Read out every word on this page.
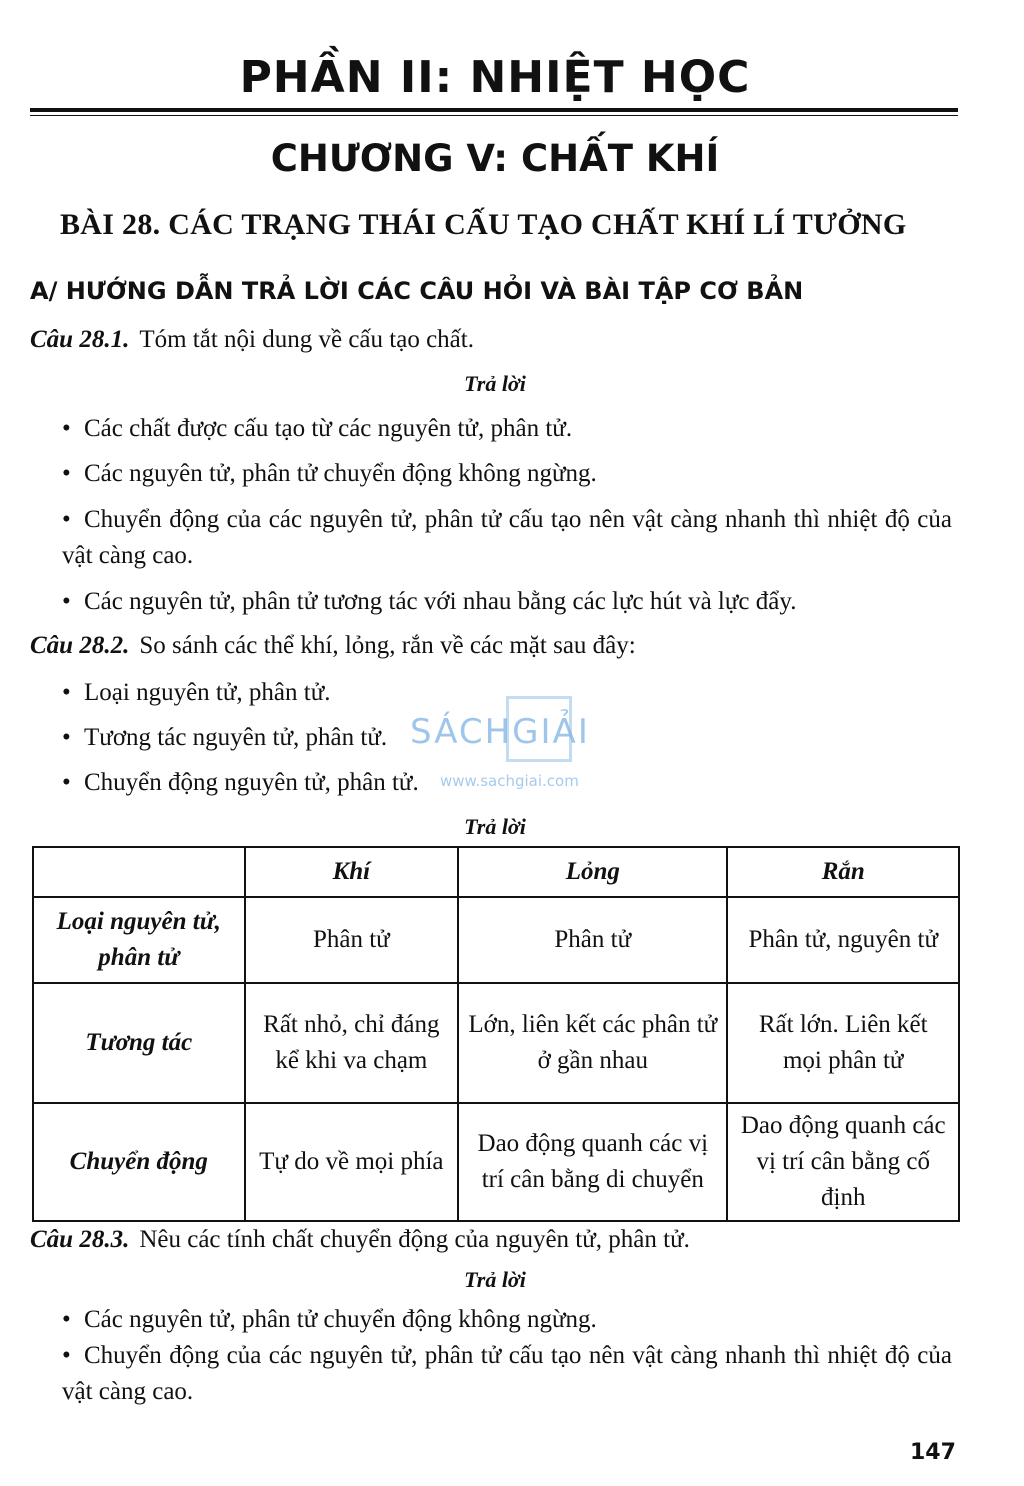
PHẦN II: NHIỆT HỌC
CHƯƠNG V: CHẤT KHÍ
BÀI 28. CÁC TRẠNG THÁI CẤU TẠO CHẤT KHÍ LÍ TƯỞNG
A/ HƯỚNG DẪN TRẢ LỜI CÁC CÂU HỎI VÀ BÀI TẬP CƠ BẢN
Câu 28.1. Tóm tắt nội dung về cấu tạo chất.
Trả lời
• Các chất được cấu tạo từ các nguyên tử, phân tử.
• Các nguyên tử, phân tử chuyển động không ngừng.
• Chuyển động của các nguyên tử, phân tử cấu tạo nên vật càng nhanh thì nhiệt độ của vật càng cao.
• Các nguyên tử, phân tử tương tác với nhau bằng các lực hút và lực đẩy.
Câu 28.2. So sánh các thể khí, lỏng, rắn về các mặt sau đây:
• Loại nguyên tử, phân tử.
• Tương tác nguyên tử, phân tử.
• Chuyển động nguyên tử, phân tử.
SÁCHGIẢI
www.sachgiai.com
Trả lời
	Khí	Lỏng	Rắn
Loại nguyên tử, phân tử	Phân tử	Phân tử	Phân tử, nguyên tử
Tương tác	Rất nhỏ, chỉ đáng kể khi va chạm	Lớn, liên kết các phân tử ở gần nhau	Rất lớn. Liên kết mọi phân tử
Chuyển động	Tự do về mọi phía	Dao động quanh các vị trí cân bằng di chuyển	Dao động quanh các vị trí cân bằng cố định
Câu 28.3. Nêu các tính chất chuyển động của nguyên tử, phân tử.
Trả lời
• Các nguyên tử, phân tử chuyển động không ngừng.
• Chuyển động của các nguyên tử, phân tử cấu tạo nên vật càng nhanh thì nhiệt độ của vật càng cao.
147
